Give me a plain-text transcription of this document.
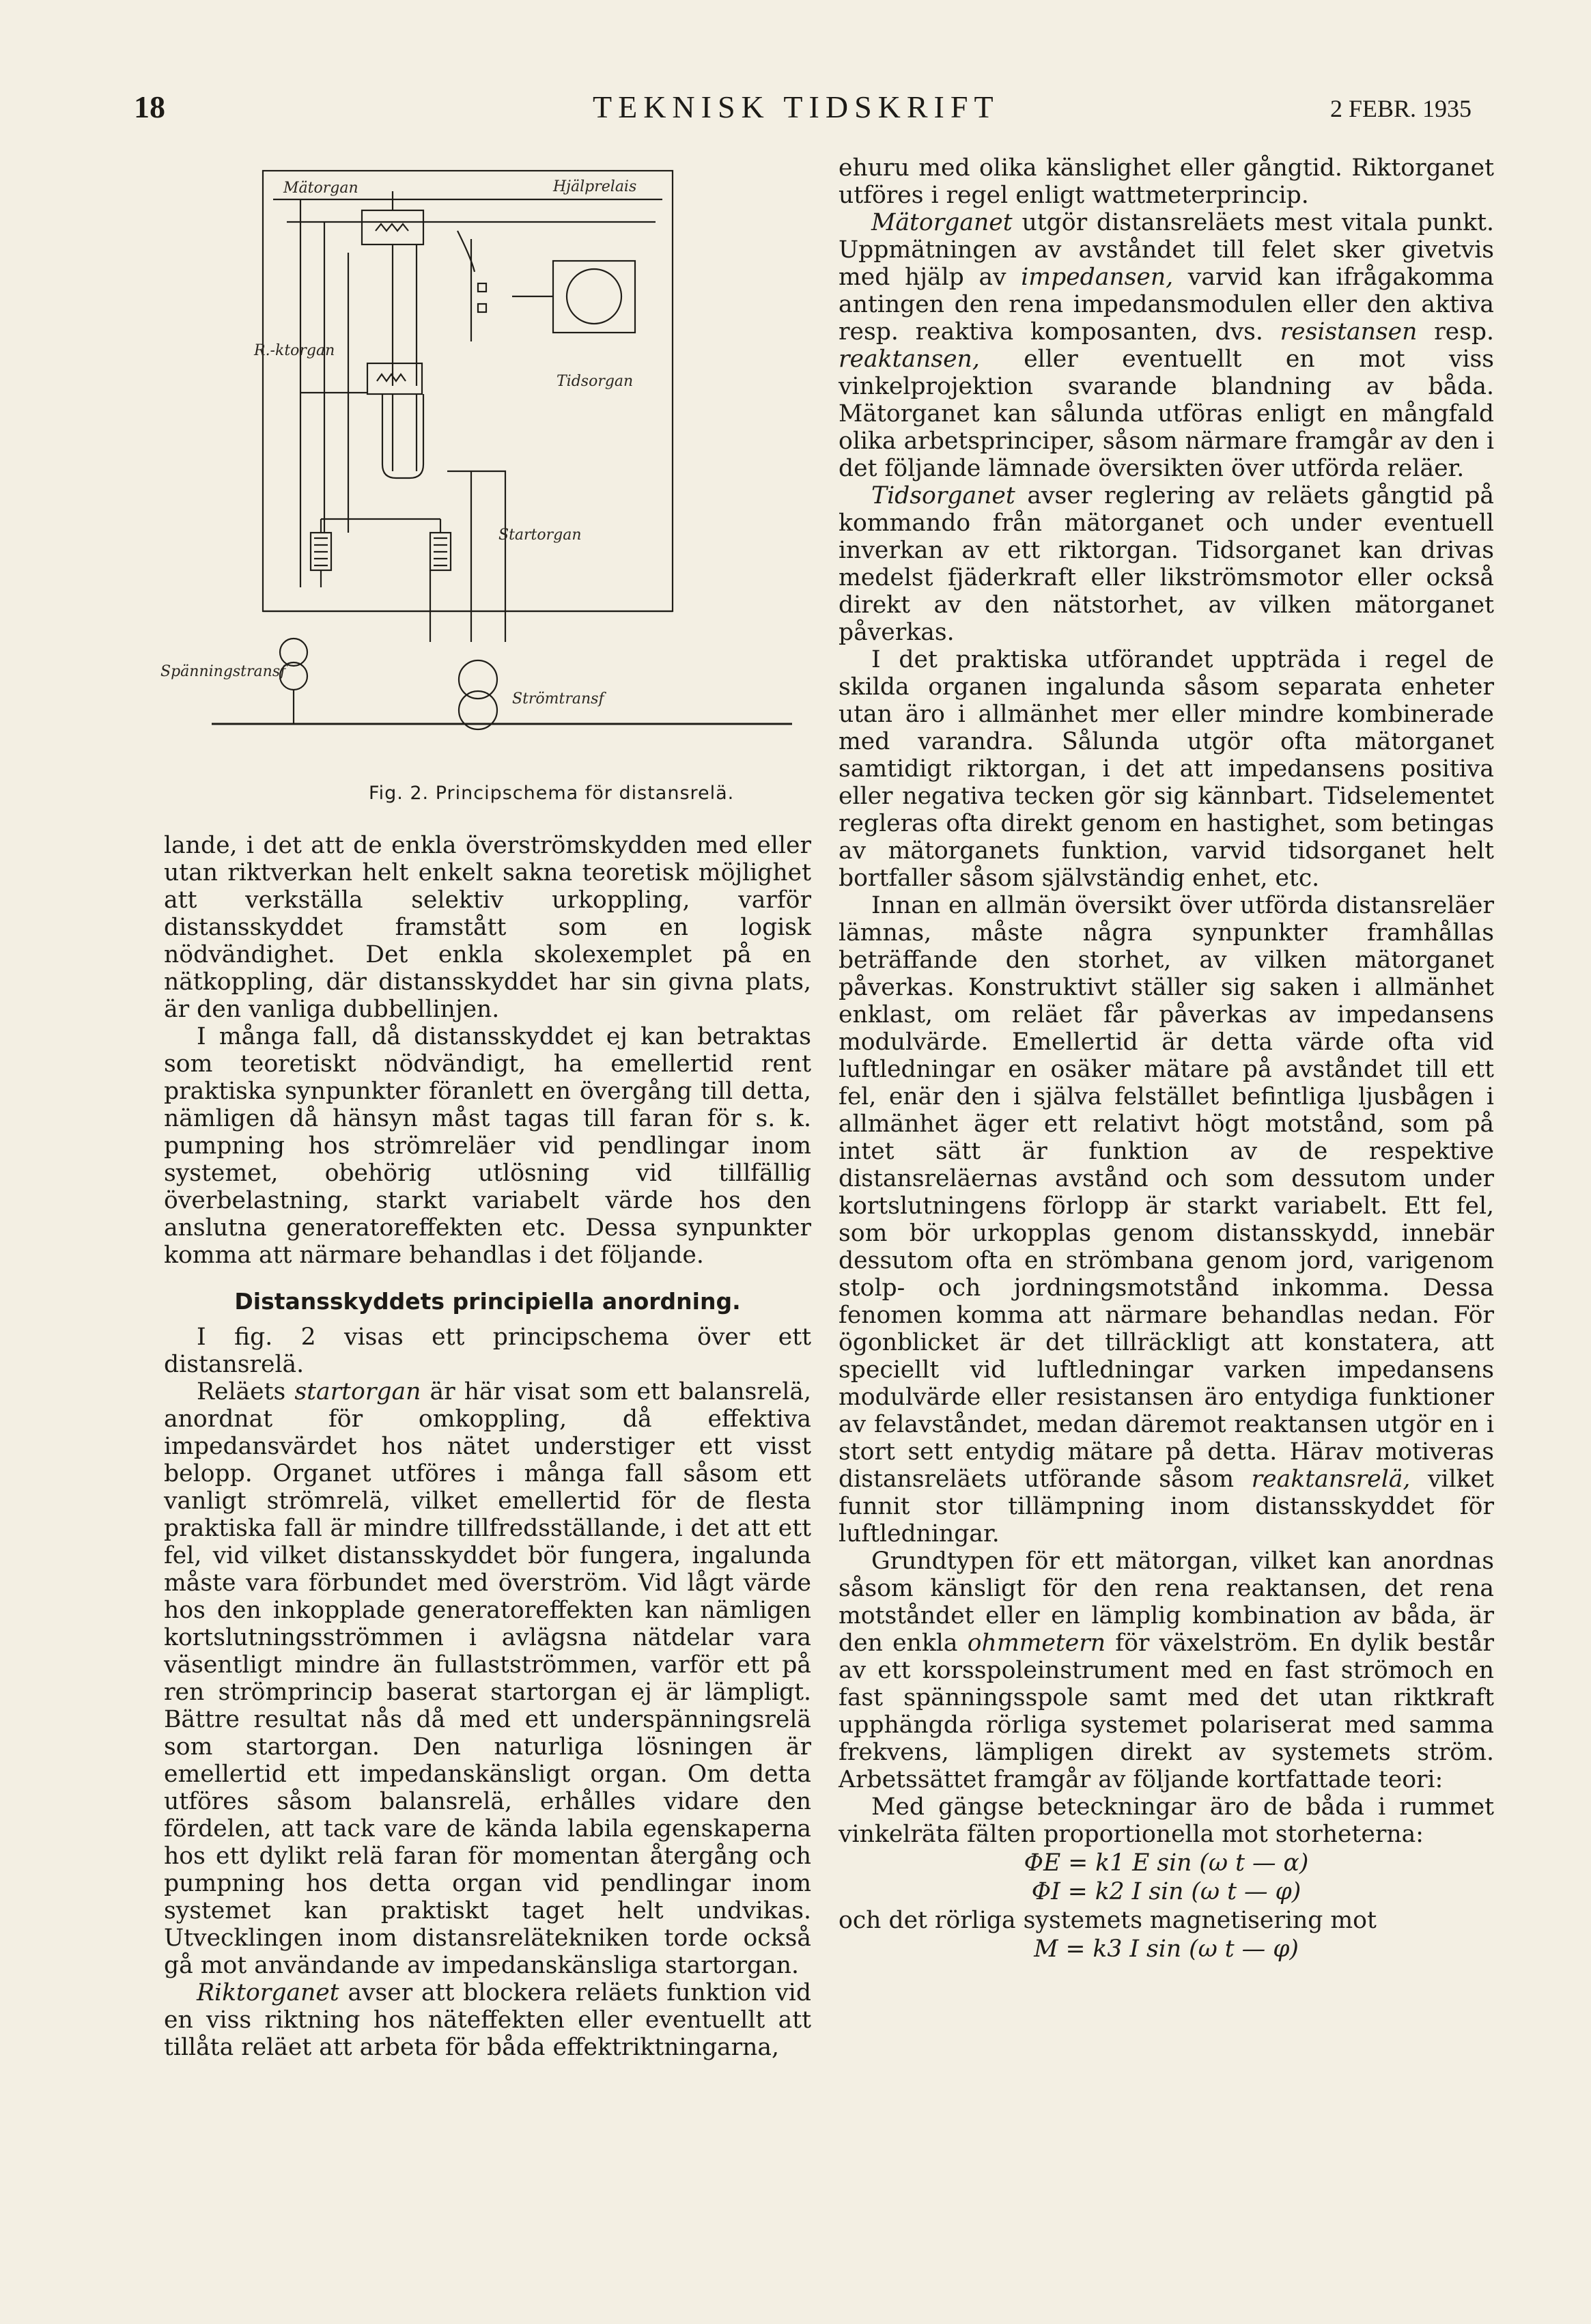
18	TEKNISK TIDSKRIFT	2 FEBR. 1935
Mätorgan	Hjälprelais
R.-ktorgan
Tidsorgan
Startorgan
Spänningstransf
Strömtransf
Fig. 2. Principschema för distansrelä.

lande, i det att de enkla överströmskydden med eller utan riktverkan helt enkelt sakna teoretisk möjlighet att verkställa selektiv urkoppling, varför distansskyddet framstått som en logisk nödvändighet. Det enkla skolexemplet på en nätkoppling, där distansskyddet har sin givna plats, är den vanliga dubbellinjen.

I många fall, då distansskyddet ej kan betraktas som teoretiskt nödvändigt, ha emellertid rent praktiska synpunkter föranlett en övergång till detta, nämligen då hänsyn måst tagas till faran för s. k. pumpning hos strömreläer vid pendlingar inom systemet, obehörig utlösning vid tillfällig överbelastning, starkt variabelt värde hos den anslutna generatoreffekten etc. Dessa synpunkter komma att närmare behandlas i det följande.

Distansskyddets principiella anordning.

I fig. 2 visas ett principschema över ett distansrelä.

Reläets startorgan är här visat som ett balansrelä, anordnat för omkoppling, då effektiva impedansvärdet hos nätet understiger ett visst belopp. Organet utföres i många fall såsom ett vanligt strömrelä, vilket emellertid för de flesta praktiska fall är mindre tillfredsställande, i det att ett fel, vid vilket distansskyddet bör fungera, ingalunda måste vara förbundet med överström. Vid lågt värde hos den inkopplade generatoreffekten kan nämligen kortslutningsströmmen i avlägsna nätdelar vara väsentligt mindre än fullastströmmen, varför ett på ren strömprincip baserat startorgan ej är lämpligt. Bättre resultat nås då med ett underspänningsrelä som startorgan. Den naturliga lösningen är emellertid ett impedanskänsligt organ. Om detta utföres såsom balansrelä, erhålles vidare den fördelen, att tack vare de kända labila egenskaperna hos ett dylikt relä faran för momentan återgång och pumpning hos detta organ vid pendlingar inom systemet kan praktiskt taget helt undvikas. Utvecklingen inom distansrelätekniken torde också gå mot användande av impedanskänsliga startorgan.

Riktorganet avser att blockera reläets funktion vid en viss riktning hos näteffekten eller eventuellt att tillåta reläet att arbeta för båda effektriktningarna,

ehuru med olika känslighet eller gångtid. Riktorganet utföres i regel enligt wattmeterprincip.

Mätorganet utgör distansreläets mest vitala punkt. Uppmätningen av avståndet till felet sker givetvis med hjälp av impedansen, varvid kan ifrågakomma antingen den rena impedansmodulen eller den aktiva resp. reaktiva komposanten, dvs. resistansen resp. reaktansen, eller eventuellt en mot viss vinkelprojektion svarande blandning av båda. Mätorganet kan sålunda utföras enligt en mångfald olika arbetsprinciper, såsom närmare framgår av den i det följande lämnade översikten över utförda reläer.

Tidsorganet avser reglering av reläets gångtid på kommando från mätorganet och under eventuell inverkan av ett riktorgan. Tidsorganet kan drivas medelst fjäderkraft eller likströmsmotor eller också direkt av den nätstorhet, av vilken mätorganet påverkas.

I det praktiska utförandet uppträda i regel de skilda organen ingalunda såsom separata enheter utan äro i allmänhet mer eller mindre kombinerade med varandra. Sålunda utgör ofta mätorganet samtidigt riktorgan, i det att impedansens positiva eller negativa tecken gör sig kännbart. Tidselementet regleras ofta direkt genom en hastighet, som betingas av mätorganets funktion, varvid tidsorganet helt bortfaller såsom självständig enhet, etc.

Innan en allmän översikt över utförda distansreläer lämnas, måste några synpunkter framhållas beträffande den storhet, av vilken mätorganet påverkas. Konstruktivt ställer sig saken i allmänhet enklast, om reläet får påverkas av impedansens modulvärde. Emellertid är detta värde ofta vid luftledningar en osäker mätare på avståndet till ett fel, enär den i själva felstället befintliga ljusbågen i allmänhet äger ett relativt högt motstånd, som på intet sätt är funktion av de respektive distansreläernas avstånd och som dessutom under kortslutningens förlopp är starkt variabelt. Ett fel, som bör urkopplas genom distansskydd, innebär dessutom ofta en strömbana genom jord, varigenom stolp- och jordningsmotstånd inkomma. Dessa fenomen komma att närmare behandlas nedan. För ögonblicket är det tillräckligt att konstatera, att speciellt vid luftledningar varken impedansens modulvärde eller resistansen äro entydiga funktioner av felavståndet, medan däremot reaktansen utgör en i stort sett entydig mätare på detta. Härav motiveras distansreläets utförande såsom reaktansrelä, vilket funnit stor tillämpning inom distansskyddet för luftledningar.

Grundtypen för ett mätorgan, vilket kan anordnas såsom känsligt för den rena reaktansen, det rena motståndet eller en lämplig kombination av båda, är den enkla ohmmetern för växelström. En dylik består av ett korsspoleinstrument med en fast strömoch en fast spänningsspole samt med det utan riktkraft upphängda rörliga systemet polariserat med samma frekvens, lämpligen direkt av systemets ström. Arbetssättet framgår av följande kortfattade teori:

Med gängse beteckningar äro de båda i rummet vinkelräta fälten proportionella mot storheterna:

ΦE = k1 E sin (ω t — α)
ΦI = k2 I sin (ω t — φ)

och det rörliga systemets magnetisering mot

M = k3 I sin (ω t — φ)
